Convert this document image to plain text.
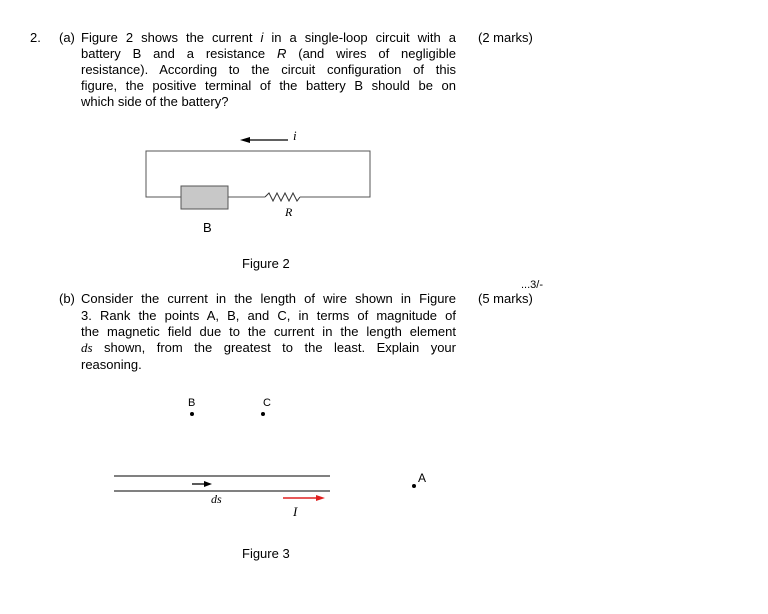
2. (a) Figure 2 shows the current i in a single-loop circuit with a
battery B and a resistance R (and wires of negligible
resistance). According to the circuit configuration of this
figure, the positive terminal of the battery B should be on
which side of the battery?
(2 marks)
i
R
B
Figure 2
...3/-
(b) Consider the current in the length of wire shown in Figure
3. Rank the points A, B, and C, in terms of magnitude of
the magnetic field due to the current in the length element
ds shown, from the greatest to the least. Explain your
reasoning.
(5 marks)
B	C
A
ds
I
Figure 3
